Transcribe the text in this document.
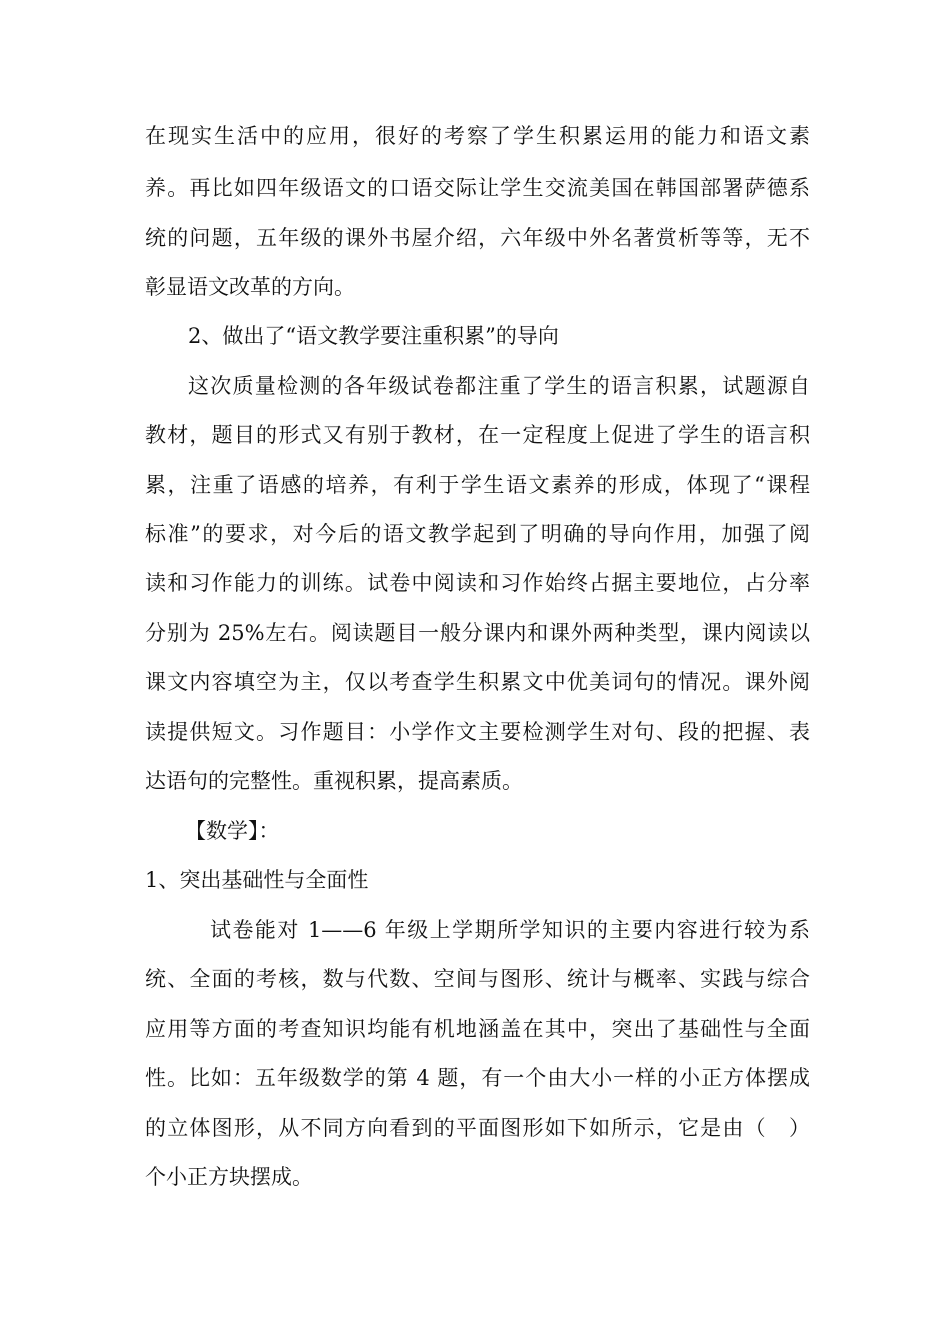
在现实生活中的应用，很好的考察了学生积累运用的能力和语文素
养。再比如四年级语文的口语交际让学生交流美国在韩国部署萨德系
统的问题，五年级的课外书屋介绍，六年级中外名著赏析等等，无不
彰显语文改革的方向。
2、做出了“语文教学要注重积累”的导向
这次质量检测的各年级试卷都注重了学生的语言积累，试题源自
教材，题目的形式又有别于教材，在一定程度上促进了学生的语言积
累，注重了语感的培养，有利于学生语文素养的形成，体现了“课程
标准”的要求，对今后的语文教学起到了明确的导向作用，加强了阅
读和习作能力的训练。试卷中阅读和习作始终占据主要地位，占分率
分别为 25%左右。阅读题目一般分课内和课外两种类型，课内阅读以
课文内容填空为主，仅以考查学生积累文中优美词句的情况。课外阅
读提供短文。习作题目：小学作文主要检测学生对句、段的把握、表
达语句的完整性。重视积累，提高素质。
【数学】：
1、突出基础性与全面性
试卷能对 1——6 年级上学期所学知识的主要内容进行较为系
统、全面的考核，数与代数、空间与图形、统计与概率、实践与综合
应用等方面的考查知识均能有机地涵盖在其中，突出了基础性与全面
性。比如：五年级数学的第 4 题，有一个由大小一样的小正方体摆成
的立体图形，从不同方向看到的平面图形如下如所示，它是由（　）
个小正方块摆成。
